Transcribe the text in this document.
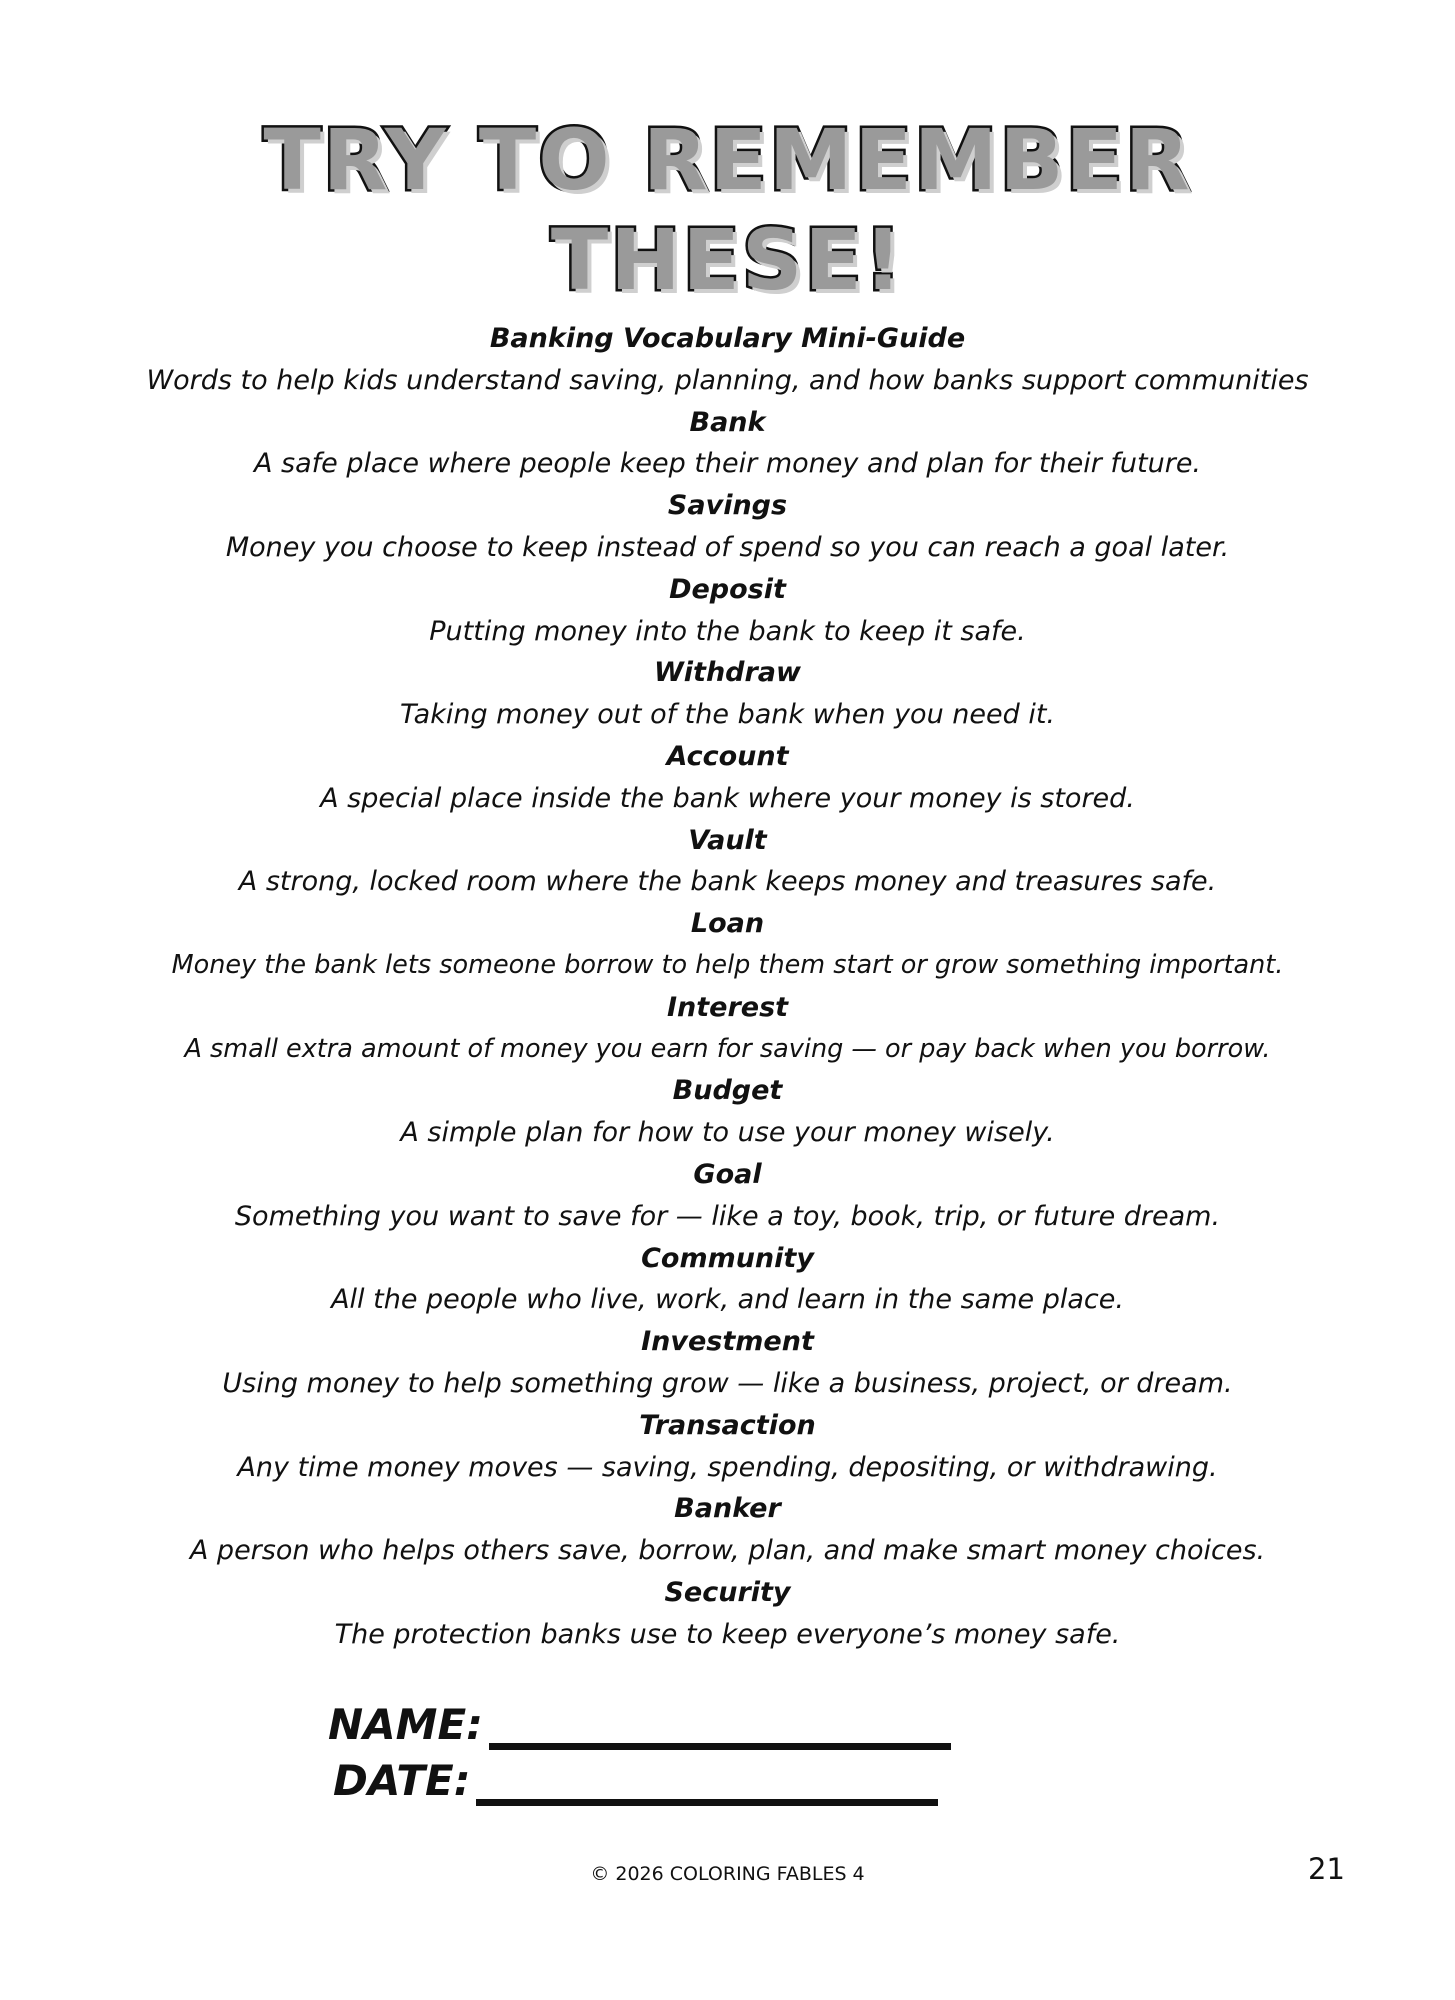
TRY TO REMEMBER
THESE!
Banking Vocabulary Mini-Guide
Words to help kids understand saving, planning, and how banks support communities
Bank
A safe place where people keep their money and plan for their future.
Savings
Money you choose to keep instead of spend so you can reach a goal later.
Deposit
Putting money into the bank to keep it safe.
Withdraw
Taking money out of the bank when you need it.
Account
A special place inside the bank where your money is stored.
Vault
A strong, locked room where the bank keeps money and treasures safe.
Loan
Money the bank lets someone borrow to help them start or grow something important.
Interest
A small extra amount of money you earn for saving — or pay back when you borrow.
Budget
A simple plan for how to use your money wisely.
Goal
Something you want to save for — like a toy, book, trip, or future dream.
Community
All the people who live, work, and learn in the same place.
Investment
Using money to help something grow — like a business, project, or dream.
Transaction
Any time money moves — saving, spending, depositing, or withdrawing.
Banker
A person who helps others save, borrow, plan, and make smart money choices.
Security
The protection banks use to keep everyone’s money safe.
NAME:
DATE:
© 2026 COLORING FABLES 4	21
